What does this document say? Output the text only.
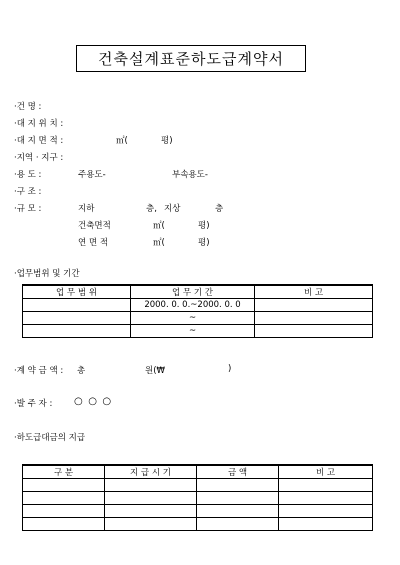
건축설계표준하도급계약서
·건 명 :
·대 지 위 치 :
·대 지 면 적 :	㎡(	평)
·지역 · 지구 :
·용 도 :	주용도-	부속용도-
·구 조 :
·규 모 :	지하	층, 지상	층
건축면적	㎡(	평)
연 면 적	㎡(	평)
·업무범위 및 기간
업 무 범 위	업 무 기 간	비 고
	2000. 0. 0.~2000. 0. 0	
	~	
	~	
·계 약 금 액 : 총	원(₩	)
·발 주 자 : ○ ○ ○
·하도급대금의 지급
구 분	지 급 시 기	금 액	비 고
